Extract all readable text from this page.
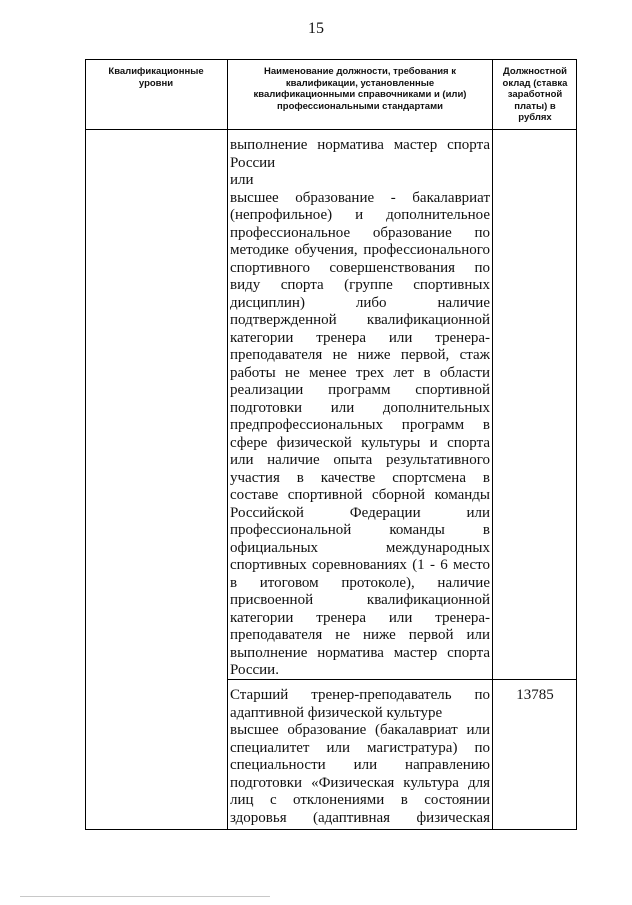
15
Квалификационные
уровни
Наименование должности, требования к
квалификации, установленные
квалификационными справочниками и (или)
профессиональными стандартами
Должностной
оклад (ставка
заработной
платы) в
рублях
выполнение норматива мастер спорта
России
или
высшее образование - бакалавриат
(непрофильное) и дополнительное
профессиональное образование по
методике обучения, профессионального
спортивного совершенствования по
виду спорта (группе спортивных
дисциплин) либо наличие
подтвержденной квалификационной
категории тренера или тренера-
преподавателя не ниже первой, стаж
работы не менее трех лет в области
реализации программ спортивной
подготовки или дополнительных
предпрофессиональных программ в
сфере физической культуры и спорта
или наличие опыта результативного
участия в качестве спортсмена в
составе спортивной сборной команды
Российской Федерации или
профессиональной команды в
официальных международных
спортивных соревнованиях (1 - 6 место
в итоговом протоколе), наличие
присвоенной квалификационной
категории тренера или тренера-
преподавателя не ниже первой или
выполнение норматива мастер спорта
России.
Старший тренер-преподаватель по
адаптивной физической культуре
высшее образование (бакалавриат или
специалитет или магистратура) по
специальности или направлению
подготовки «Физическая культура для
лиц с отклонениями в состоянии
здоровья (адаптивная физическая
13785
